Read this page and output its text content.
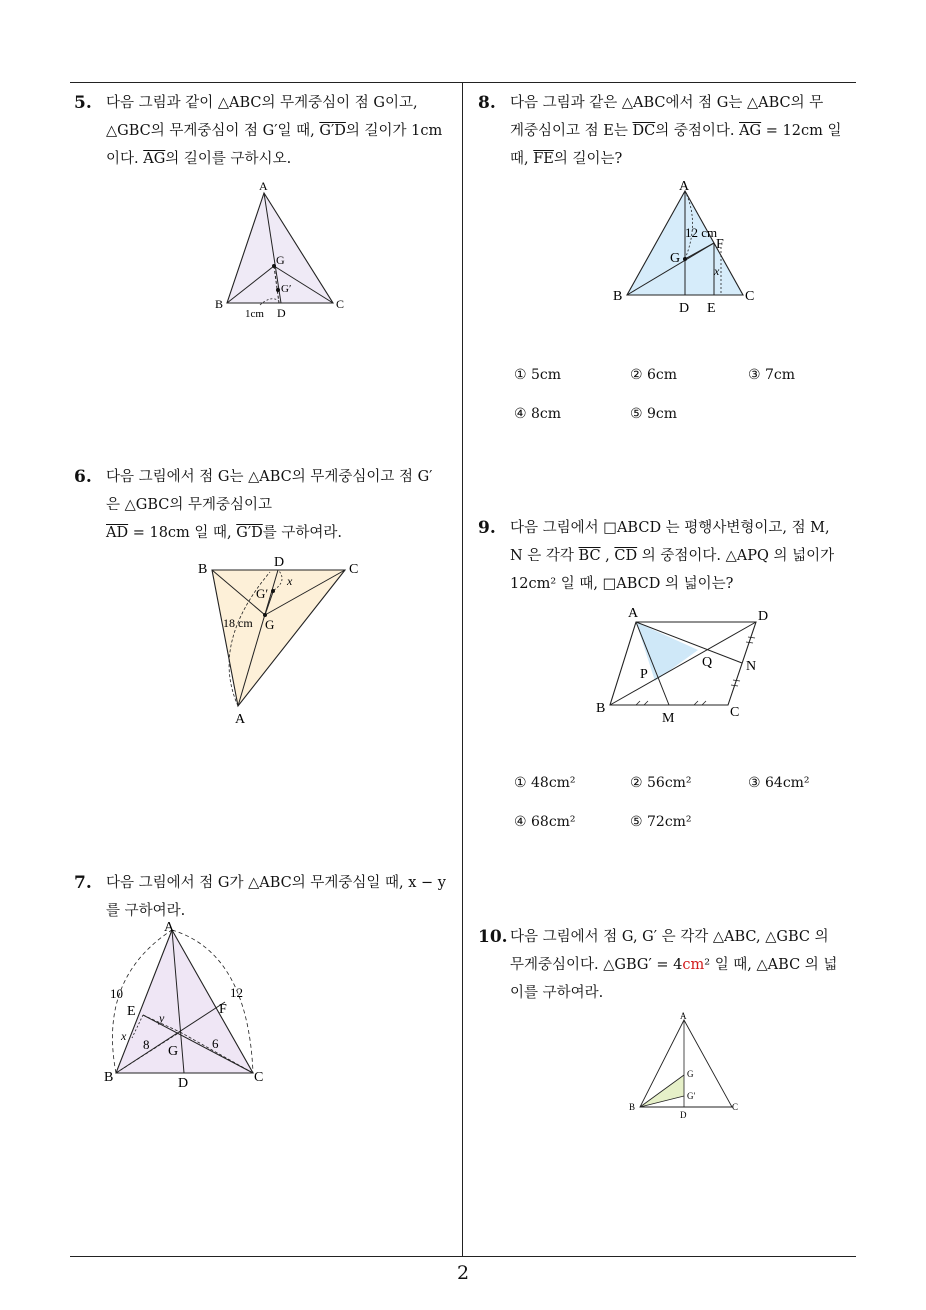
5. 다음 그림과 같이 △ABC의 무게중심이 점 G이고,
△GBC의 무게중심이 점 G′일 때, G′D의 길이가 1cm
이다. $\overline{AG}$의 길이를 구하시오.
A
B	C
G
G′
D
1cm
6. 다음 그림에서 점 G는 △ABC의 무게중심이고 점 G′
은 △GBC의 무게중심이고
$\overline{AD} = 18cm$ 일 때, G′D를 구하여라.
B	C
D
A
G′
G
18 cm
x
7. 다음 그림에서 점 G가 △ABC의 무게중심일 때, x − y
를 구하여라.
A
B	C
D
E	F
G
10	12
8	6
y
x
8. 다음 그림과 같은 △ABC에서 점 G는 △ABC의 무
게중심이고 점 E는 $\overline{DC}$의 중점이다. $\overline{AG} = 12cm$ 일
때, $\overline{FE}$의 길이는?
A
B	C
D E
F
G
12 cm
x
① 5cm	② 6cm	③ 7cm
④ 8cm	⑤ 9cm
9. 다음 그림에서 □ABCD 는 평행사변형이고, 점 M,
N 은 각각 $\overline{BC}$ , $\overline{CD}$ 의 중점이다. △APQ 의 넓이가
12cm² 일 때, □ABCD 의 넓이는?
A
B	C
D
M
N
P
Q
① 48cm²	② 56cm²	③ 64cm²
④ 68cm²	⑤ 72cm²
10. 다음 그림에서 점 G, G′ 은 각각 △ABC, △GBC 의
무게중심이다. △GBG′ = 4cm² 일 때, △ABC 의 넓
이를 구하여라.
A
B	C
D
G
G′
2
